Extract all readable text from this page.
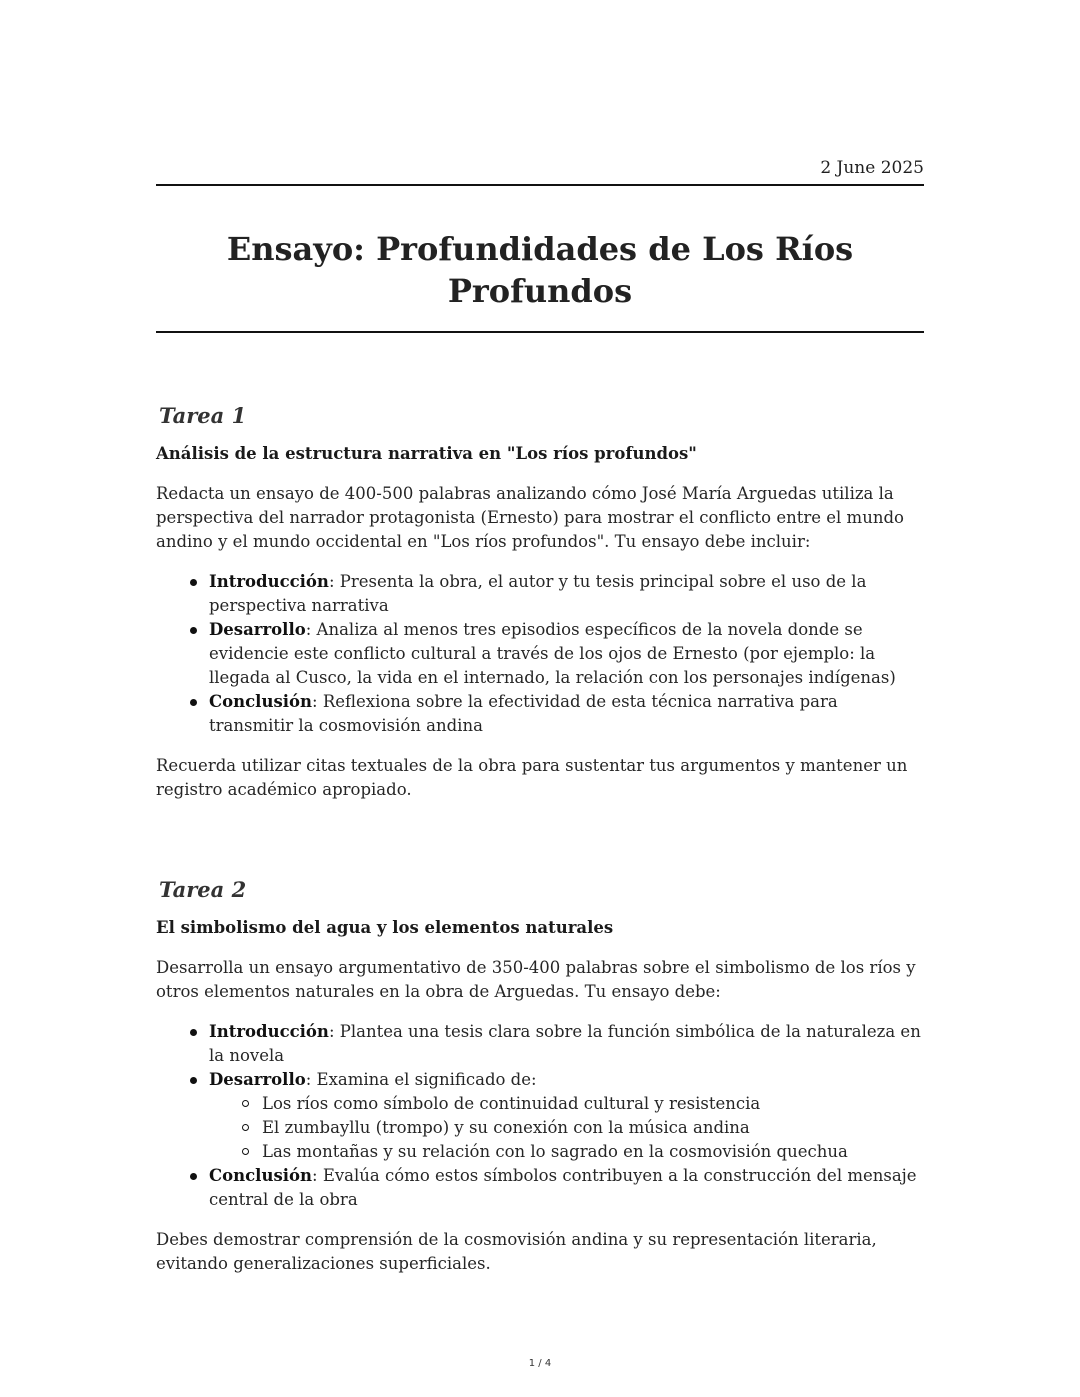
2 June 2025
Ensayo: Profundidades de Los Ríos Profundos
Tarea 1

Análisis de la estructura narrativa en "Los ríos profundos"

Redacta un ensayo de 400-500 palabras analizando cómo José María Arguedas utiliza la perspectiva del narrador protagonista (Ernesto) para mostrar el conflicto entre el mundo andino y el mundo occidental en "Los ríos profundos". Tu ensayo debe incluir:

Introducción: Presenta la obra, el autor y tu tesis principal sobre el uso de la perspectiva narrativa
Desarrollo: Analiza al menos tres episodios específicos de la novela donde se evidencie este conflicto cultural a través de los ojos de Ernesto (por ejemplo: la llegada al Cusco, la vida en el internado, la relación con los personajes indígenas)
Conclusión: Reflexiona sobre la efectividad de esta técnica narrativa para transmitir la cosmovisión andina

Recuerda utilizar citas textuales de la obra para sustentar tus argumentos y mantener un registro académico apropiado.

Tarea 2

El simbolismo del agua y los elementos naturales

Desarrolla un ensayo argumentativo de 350-400 palabras sobre el simbolismo de los ríos y otros elementos naturales en la obra de Arguedas. Tu ensayo debe:

Introducción: Plantea una tesis clara sobre la función simbólica de la naturaleza en la novela
Desarrollo: Examina el significado de:
Los ríos como símbolo de continuidad cultural y resistencia
El zumbayllu (trompo) y su conexión con la música andina
Las montañas y su relación con lo sagrado en la cosmovisión quechua
Conclusión: Evalúa cómo estos símbolos contribuyen a la construcción del mensaje central de la obra

Debes demostrar comprensión de la cosmovisión andina y su representación literaria, evitando generalizaciones superficiales.

1 / 4
